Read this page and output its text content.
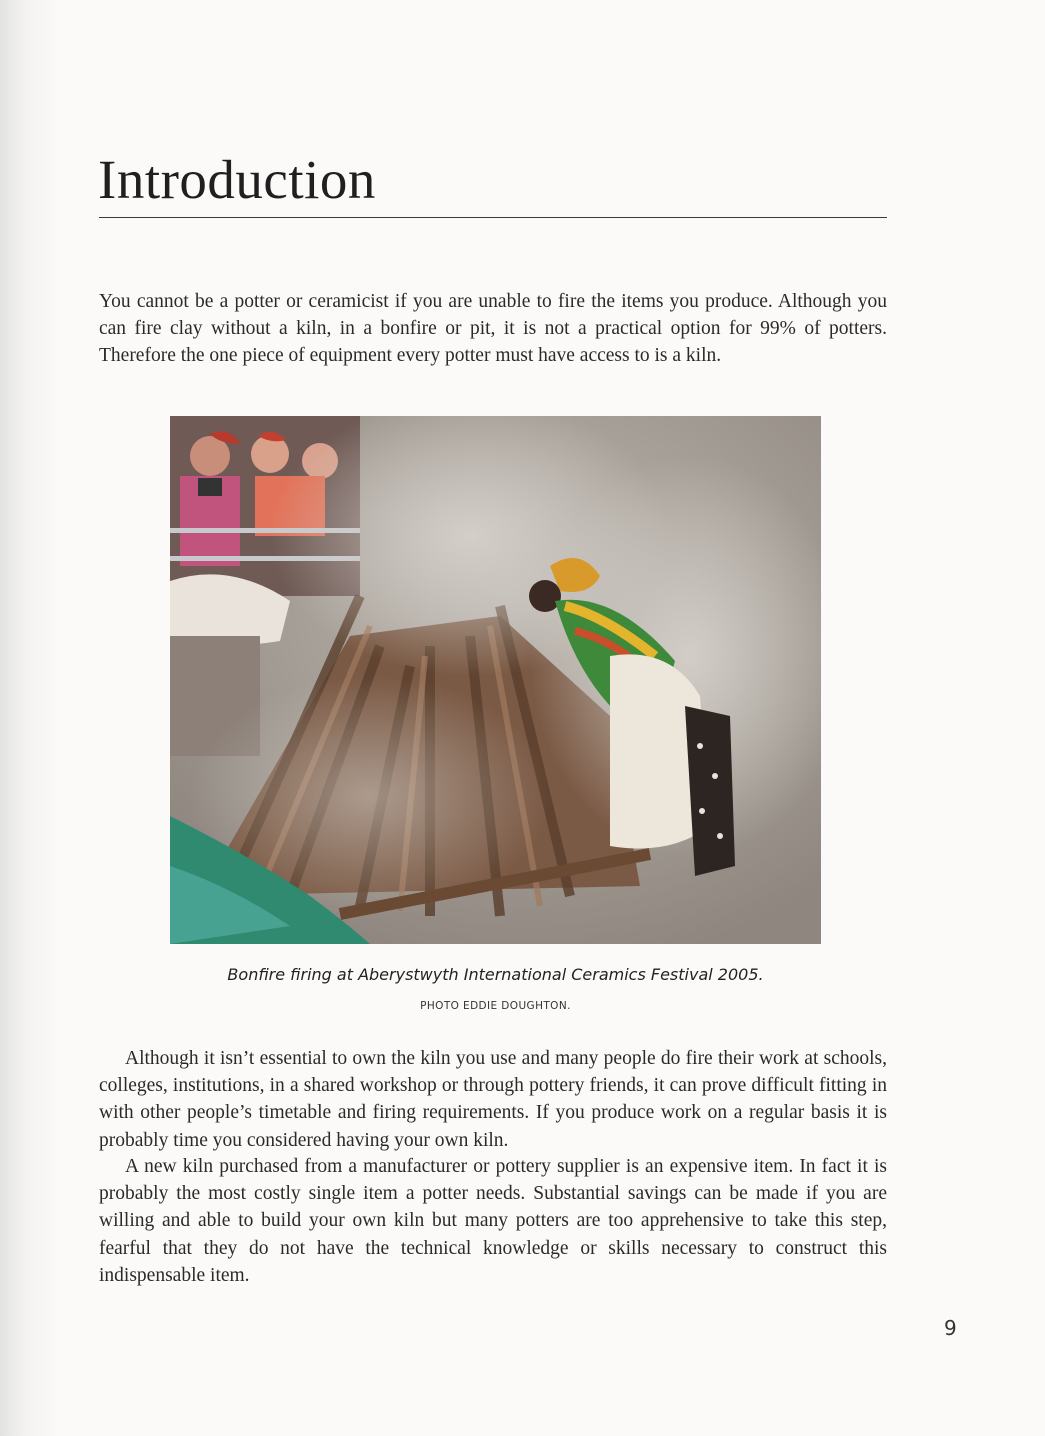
Introduction

You cannot be a potter or ceramicist if you are unable to fire the items you produce. Although you can fire clay without a kiln, in a bonfire or pit, it is not a practical option for 99% of potters. Therefore the one piece of equipment every potter must have access to is a kiln.

Bonfire firing at Aberystwyth International Ceramics Festival 2005.
PHOTO EDDIE DOUGHTON.

Although it isn’t essential to own the kiln you use and many people do fire their work at schools, colleges, institutions, in a shared workshop or through pottery friends, it can prove difficult fitting in with other people’s timetable and firing requirements. If you produce work on a regular basis it is probably time you considered having your own kiln.

A new kiln purchased from a manufacturer or pottery supplier is an expensive item. In fact it is probably the most costly single item a potter needs. Substantial savings can be made if you are willing and able to build your own kiln but many potters are too apprehensive to take this step, fearful that they do not have the technical knowledge or skills necessary to construct this indispensable item.

9
